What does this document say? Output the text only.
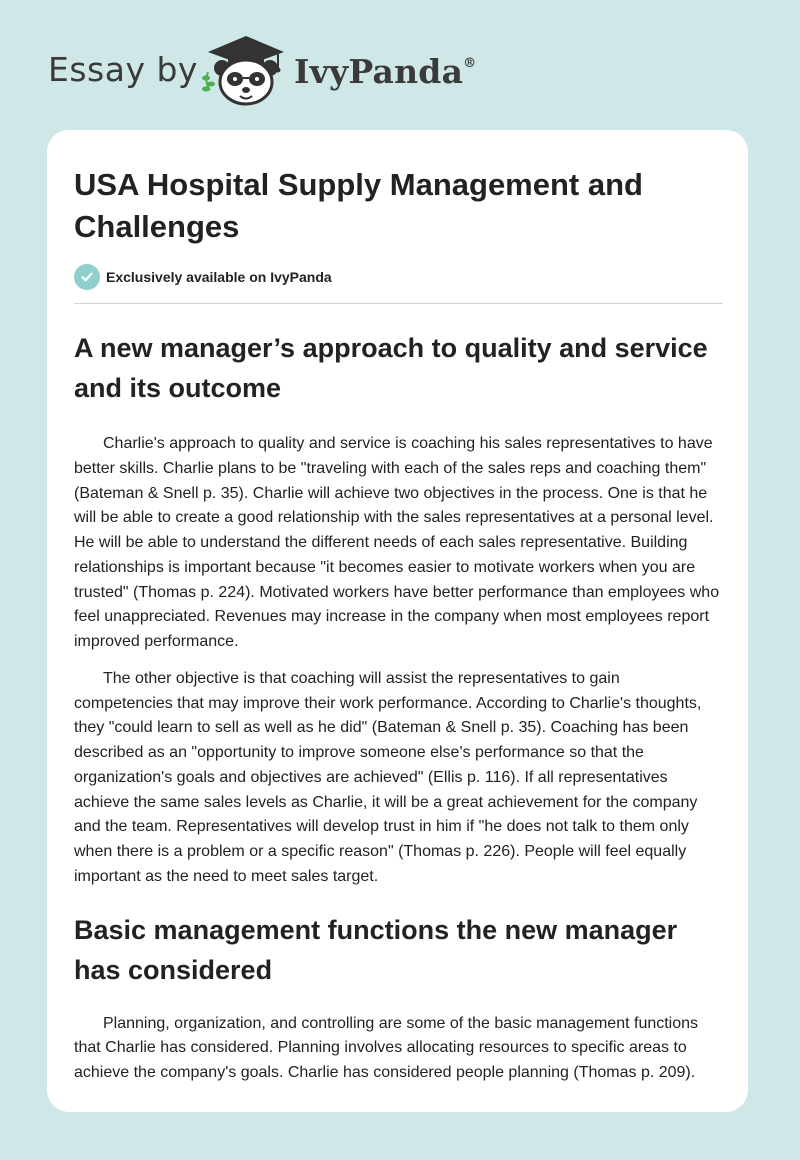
Essay by	IvyPanda®
USA Hospital Supply Management and Challenges
Exclusively available on IvyPanda
A new manager’s approach to quality and service and its outcome

Charlie's approach to quality and service is coaching his sales representatives to have better skills. Charlie plans to be "traveling with each of the sales reps and coaching them" (Bateman & Snell p. 35). Charlie will achieve two objectives in the process. One is that he will be able to create a good relationship with the sales representatives at a personal level. He will be able to understand the different needs of each sales representative. Building relationships is important because "it becomes easier to motivate workers when you are trusted" (Thomas p. 224). Motivated workers have better performance than employees who feel unappreciated. Revenues may increase in the company when most employees report improved performance.

The other objective is that coaching will assist the representatives to gain competencies that may improve their work performance. According to Charlie's thoughts, they "could learn to sell as well as he did" (Bateman & Snell p. 35). Coaching has been described as an "opportunity to improve someone else's performance so that the organization's goals and objectives are achieved" (Ellis p. 116). If all representatives achieve the same sales levels as Charlie, it will be a great achievement for the company and the team. Representatives will develop trust in him if "he does not talk to them only when there is a problem or a specific reason" (Thomas p. 226). People will feel equally important as the need to meet sales target.

Basic management functions the new manager has considered

Planning, organization, and controlling are some of the basic management functions that Charlie has considered. Planning involves allocating resources to specific areas to achieve the company's goals. Charlie has considered people planning (Thomas p. 209).
